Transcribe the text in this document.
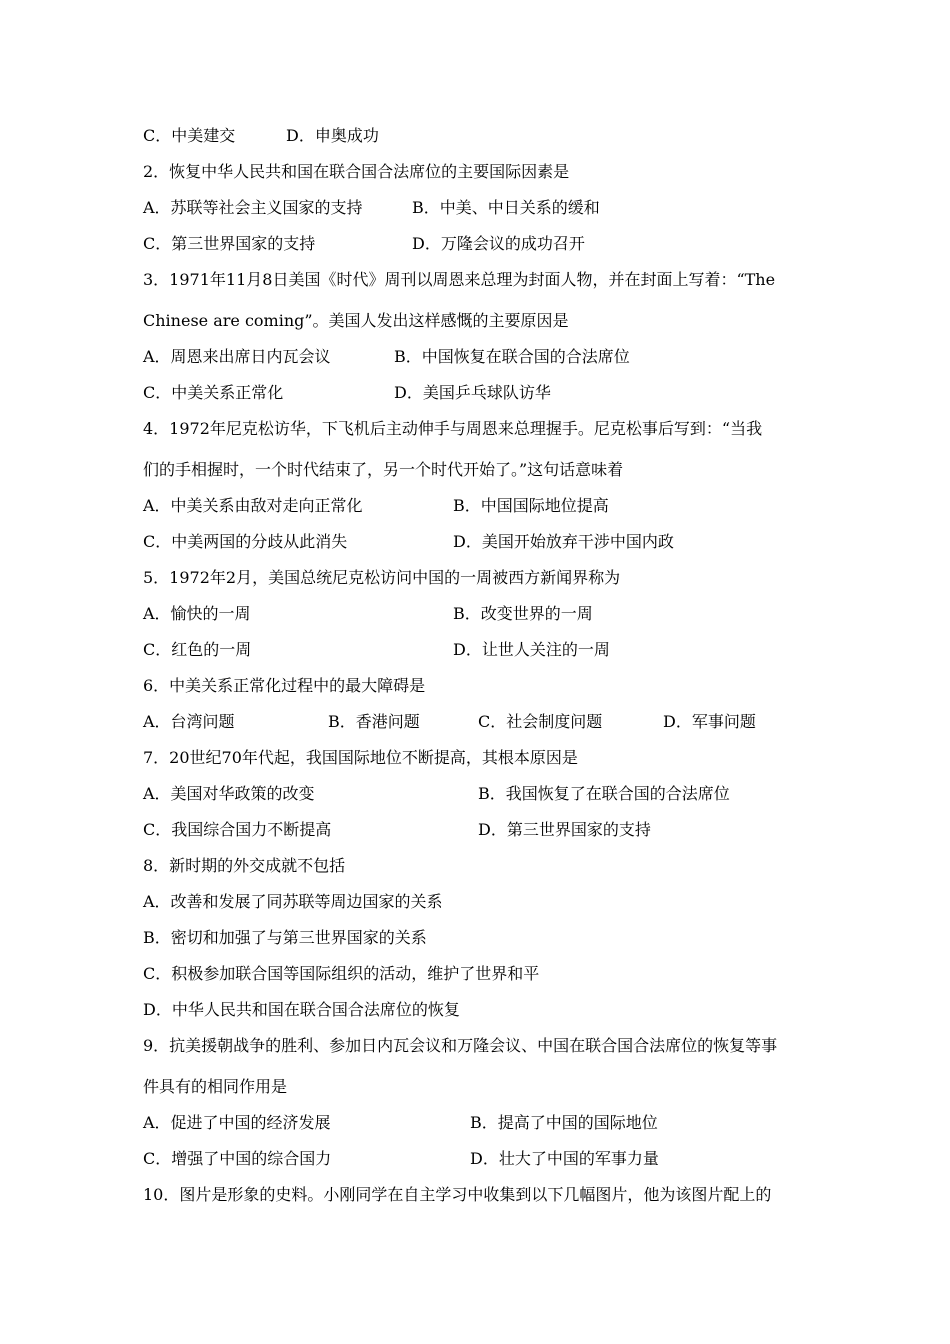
C．中美建交	D．申奥成功
2．恢复中华人民共和国在联合国合法席位的主要国际因素是
A．苏联等社会主义国家的支持	B．中美、中日关系的缓和
C．第三世界国家的支持	D．万隆会议的成功召开
3．1971年11月8日美国《时代》周刊以周恩来总理为封面人物，并在封面上写着：“The
Chinese are coming”。美国人发出这样感慨的主要原因是
A．周恩来出席日内瓦会议	B．中国恢复在联合国的合法席位
C．中美关系正常化	D．美国乒乓球队访华
4．1972年尼克松访华，下飞机后主动伸手与周恩来总理握手。尼克松事后写到：“当我
们的手相握时，一个时代结束了，另一个时代开始了。”这句话意味着
A．中美关系由敌对走向正常化	B．中国国际地位提高
C．中美两国的分歧从此消失	D．美国开始放弃干涉中国内政
5．1972年2月，美国总统尼克松访问中国的一周被西方新闻界称为
A．愉快的一周	B．改变世界的一周
C．红色的一周	D．让世人关注的一周
6．中美关系正常化过程中的最大障碍是
A．台湾问题	B．香港问题	C．社会制度问题	D．军事问题
7．20世纪70年代起，我国国际地位不断提高，其根本原因是
A．美国对华政策的改变	B．我国恢复了在联合国的合法席位
C．我国综合国力不断提高	D．第三世界国家的支持
8．新时期的外交成就不包括
A．改善和发展了同苏联等周边国家的关系
B．密切和加强了与第三世界国家的关系
C．积极参加联合国等国际组织的活动，维护了世界和平
D．中华人民共和国在联合国合法席位的恢复
9．抗美援朝战争的胜利、参加日内瓦会议和万隆会议、中国在联合国合法席位的恢复等事
件具有的相同作用是
A．促进了中国的经济发展	B．提高了中国的国际地位
C．增强了中国的综合国力	D．壮大了中国的军事力量
10．图片是形象的史料。小刚同学在自主学习中收集到以下几幅图片，他为该图片配上的
